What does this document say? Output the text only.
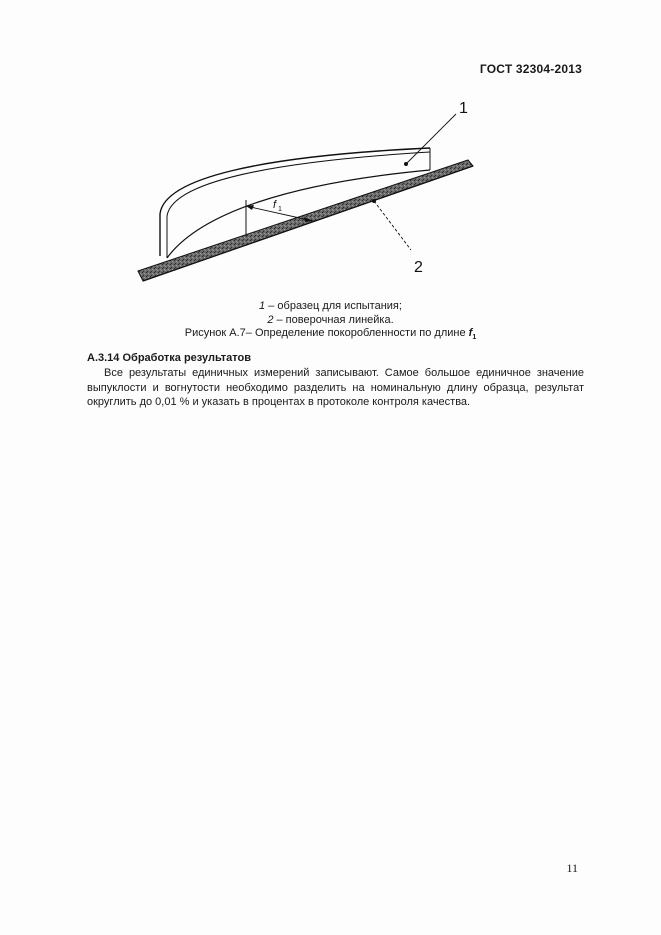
ГОСТ 32304-2013
f 1
1
2
1 – образец для испытания;
2 – поверочная линейка.
Рисунок А.7– Определение покоробленности по длине $f_1$
А.3.14 Обработка результатов

Все результаты единичных измерений записывают. Самое большое единичное значение выпуклости и вогнутости необходимо разделить на номинальную длину образца, результат округлить до 0,01 % и указать в процентах в протоколе контроля качества.

11
